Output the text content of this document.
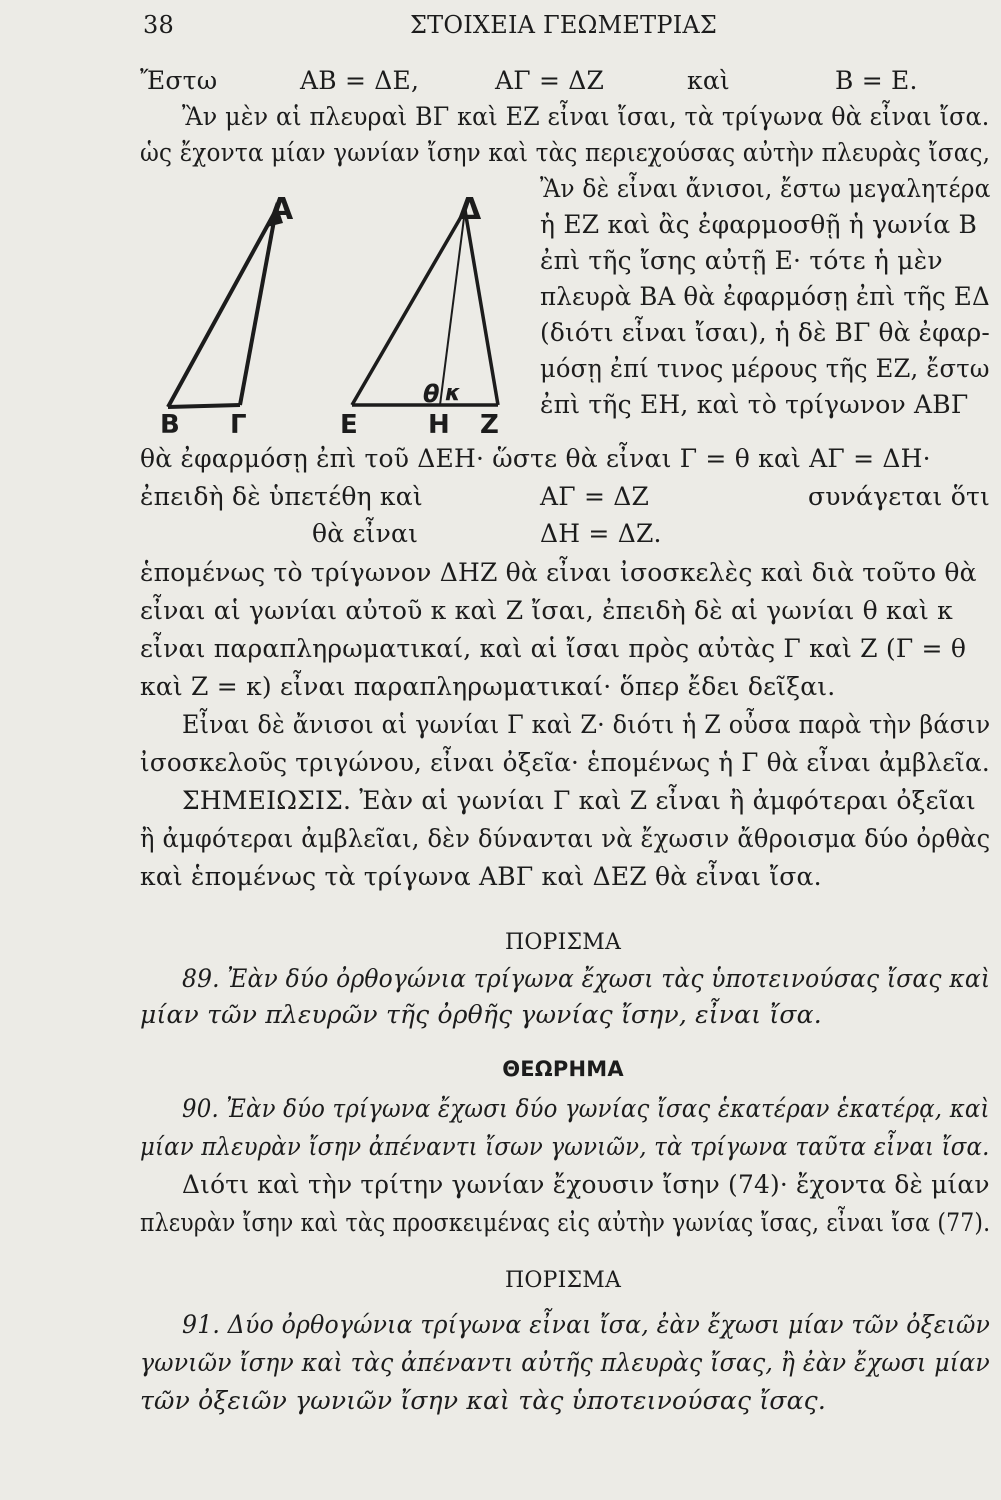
38	ΣΤΟΙΧΕΙΑ ΓΕΩΜΕΤΡΙΑΣ
Ἔστω	ΑΒ = ΔΕ,	ΑΓ = ΔΖ	καὶ	Β = Ε.
Ἂν μὲν αἱ πλευραὶ ΒΓ καὶ ΕΖ εἶναι ἴσαι, τὰ τρίγωνα θὰ εἶναι ἴσα.
ὡς ἔχοντα μίαν γωνίαν ἴσην καὶ τὰς περιεχούσας αὐτὴν πλευρὰς ἴσας,
Ἂν δὲ εἶναι ἄνισοι, ἔστω μεγαλητέρα
ἡ ΕΖ καὶ ἂς ἐφαρμοσθῇ ἡ γωνία Β
ἐπὶ τῆς ἴσης αὐτῇ Ε· τότε ἡ μὲν
πλευρὰ ΒΑ θὰ ἐφαρμόσῃ ἐπὶ τῆς ΕΔ
(διότι εἶναι ἴσαι), ἡ δὲ ΒΓ θὰ ἐφαρ-
μόσῃ ἐπί τινος μέρους τῆς ΕΖ, ἔστω
ἐπὶ τῆς ΕΗ, καὶ τὸ τρίγωνον ΑΒΓ
Α	Δ
Β Γ	Ε	Η Ζ
θ κ
θὰ ἐφαρμόσῃ ἐπὶ τοῦ ΔΕΗ· ὥστε θὰ εἶναι Γ = θ καὶ ΑΓ = ΔΗ·
ἐπειδὴ δὲ ὑπετέθη καὶ	ΑΓ = ΔΖ	συνάγεται ὅτι
θὰ εἶναι	ΔΗ = ΔΖ.
ἑπομένως τὸ τρίγωνον ΔΗΖ θὰ εἶναι ἰσοσκελὲς καὶ διὰ τοῦτο θὰ
εἶναι αἱ γωνίαι αὐτοῦ κ καὶ Ζ ἴσαι, ἐπειδὴ δὲ αἱ γωνίαι θ καὶ κ
εἶναι παραπληρωματικαί, καὶ αἱ ἴσαι πρὸς αὐτὰς Γ καὶ Ζ (Γ = θ
καὶ Ζ = κ) εἶναι παραπληρωματικαί· ὅπερ ἔδει δεῖξαι.
Εἶναι δὲ ἄνισοι αἱ γωνίαι Γ καὶ Ζ· διότι ἡ Ζ οὖσα παρὰ τὴν βάσιν
ἰσοσκελοῦς τριγώνου, εἶναι ὀξεῖα· ἑπομένως ἡ Γ θὰ εἶναι ἀμβλεῖα.
ΣΗΜΕΙΩΣΙΣ. Ἐὰν αἱ γωνίαι Γ καὶ Ζ εἶναι ἢ ἀμφότεραι ὀξεῖαι
ἢ ἀμφότεραι ἀμβλεῖαι, δὲν δύνανται νὰ ἔχωσιν ἄθροισμα δύο ὀρθὰς
καὶ ἑπομένως τὰ τρίγωνα ΑΒΓ καὶ ΔΕΖ θὰ εἶναι ἴσα.
ΠΟΡΙΣΜΑ
89. Ἐὰν δύο ὀρθογώνια τρίγωνα ἔχωσι τὰς ὑποτεινούσας ἴσας καὶ
μίαν τῶν πλευρῶν τῆς ὀρθῆς γωνίας ἴσην, εἶναι ἴσα.
ΘΕΩΡΗΜΑ
90. Ἐὰν δύο τρίγωνα ἔχωσι δύο γωνίας ἴσας ἑκατέραν ἑκατέρᾳ, καὶ
μίαν πλευρὰν ἴσην ἀπέναντι ἴσων γωνιῶν, τὰ τρίγωνα ταῦτα εἶναι ἴσα.
Διότι καὶ τὴν τρίτην γωνίαν ἔχουσιν ἴσην (74)· ἔχοντα δὲ μίαν
πλευρὰν ἴσην καὶ τὰς προσκειμένας εἰς αὐτὴν γωνίας ἴσας, εἶναι ἴσα (77).
ΠΟΡΙΣΜΑ
91. Δύο ὀρθογώνια τρίγωνα εἶναι ἴσα, ἐὰν ἔχωσι μίαν τῶν ὀξειῶν
γωνιῶν ἴσην καὶ τὰς ἀπέναντι αὐτῆς πλευρὰς ἴσας, ἢ ἐὰν ἔχωσι μίαν
τῶν ὀξειῶν γωνιῶν ἴσην καὶ τὰς ὑποτεινούσας ἴσας.
